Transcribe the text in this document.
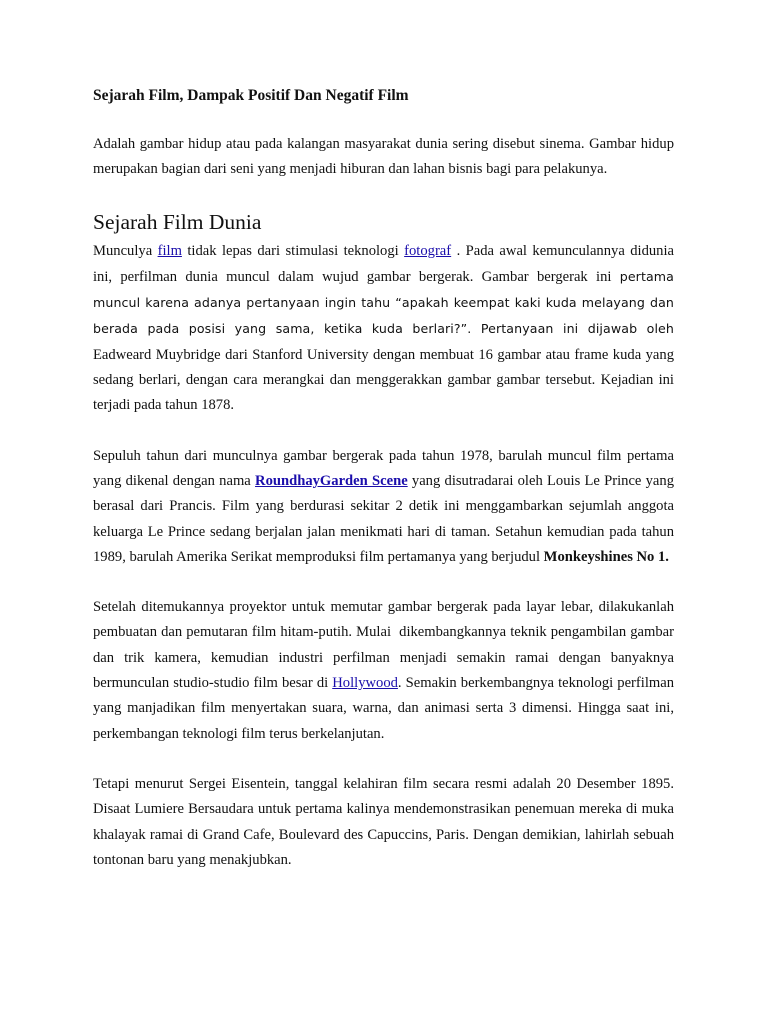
Sejarah Film, Dampak Positif Dan Negatif Film

Adalah gambar hidup atau pada kalangan masyarakat dunia sering disebut sinema. Gambar hidup merupakan bagian dari seni yang menjadi hiburan dan lahan bisnis bagi para pelakunya.

Sejarah Film Dunia

Munculya film tidak lepas dari stimulasi teknologi fotograf . Pada awal kemunculannya didunia ini, perfilman dunia muncul dalam wujud gambar bergerak. Gambar bergerak ini pertama muncul karena adanya pertanyaan ingin tahu “apakah keempat kaki kuda melayang dan berada pada posisi yang sama, ketika kuda berlari?”. Pertanyaan ini dijawab oleh Eadweard Muybridge dari Stanford University dengan membuat 16 gambar atau frame kuda yang sedang berlari, dengan cara merangkai dan menggerakkan gambar gambar tersebut. Kejadian ini terjadi pada tahun 1878.

Sepuluh tahun dari munculnya gambar bergerak pada tahun 1978, barulah muncul film pertama yang dikenal dengan nama RoundhayGarden Scene yang disutradarai oleh Louis Le Prince yang berasal dari Prancis. Film yang berdurasi sekitar 2 detik ini menggambarkan sejumlah anggota keluarga Le Prince sedang berjalan jalan menikmati hari di taman. Setahun kemudian pada tahun 1989, barulah Amerika Serikat memproduksi film pertamanya yang berjudul Monkeyshines No 1.

Setelah ditemukannya proyektor untuk memutar gambar bergerak pada layar lebar, dilakukanlah pembuatan dan pemutaran film hitam-putih. Mulai  dikembangkannya teknik pengambilan gambar dan trik kamera, kemudian industri perfilman menjadi semakin ramai dengan banyaknya bermunculan studio-studio film besar di Hollywood. Semakin berkembangnya teknologi perfilman yang manjadikan film menyertakan suara, warna, dan animasi serta 3 dimensi. Hingga saat ini, perkembangan teknologi film terus berkelanjutan.

Tetapi menurut Sergei Eisentein, tanggal kelahiran film secara resmi adalah 20 Desember 1895. Disaat Lumiere Bersaudara untuk pertama kalinya mendemonstrasikan penemuan mereka di muka khalayak ramai di Grand Cafe, Boulevard des Capuccins, Paris. Dengan demikian, lahirlah sebuah tontonan baru yang menakjubkan.
